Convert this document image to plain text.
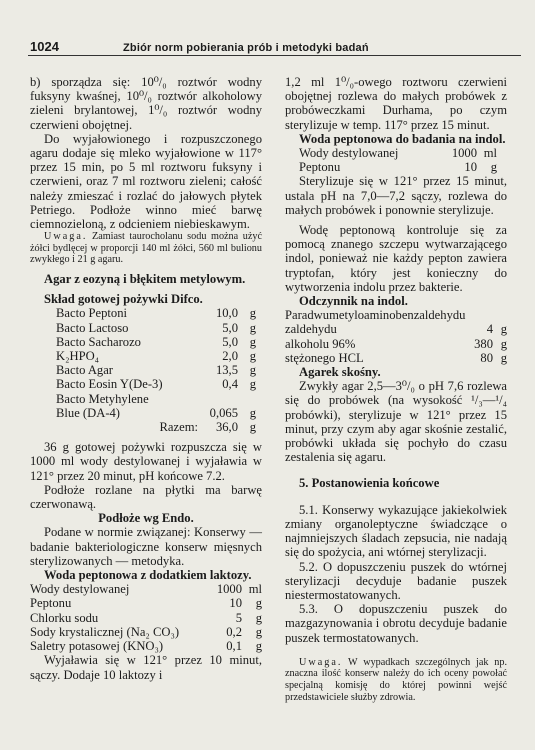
1024	Zbiór norm pobierania prób i metodyki badań

b) sporządza się: 10⁰/₀ roztwór wodny fuksyny kwaśnej, 10⁰/₀ roztwór alkoholowy zieleni brylantowej, 1⁰/₀ roztwór wodny czerwieni obojętnej.

Do wyjałowionego i rozpuszczonego agaru dodaje się mleko wyjałowione w 117° przez 15 min, po 5 ml roztworu fuksyny i czerwieni, oraz 7 ml roztworu zieleni; całość należy zmieszać i rozlać do jałowych płytek Petriego. Podłoże winno mieć barwę ciemnozieloną, z odcieniem niebieskawym.

Uwaga. Zamiast taurocholanu sodu można użyć żółci bydlęcej w proporcji 140 ml żółci, 560 ml bulionu zwykłego i 21 g agaru.

Agar z eozyną i błękitem metylowym.

Skład gotowej pożywki Difco.

Bacto Peptoni	10,0 g
Bacto Lactoso	5,0 g
Bacto Sacharozo	5,0 g
K₂HPO₄	2,0 g
Bacto Agar	13,5 g
Bacto Eosin Y(De-3)	0,4 g
Bacto Metyhylene
Blue (DA-4)	0,065 g
Razem:	36,0 g

36 g gotowej pożywki rozpuszcza się w 1000 ml wody destylowanej i wyjaławia w 121° przez 20 minut, pH końcowe 7.2.

Podłoże rozlane na płytki ma barwę czerwonawą.

Podłoże wg Endo.

Podane w normie związanej: Konserwy — badanie bakteriologiczne konserw mięsnych sterylizowanych — metodyka.

Woda peptonowa z dodatkiem laktozy.

Wody destylowanej	1000 ml
Peptonu	10	g
Chlorku sodu	5	g
Sody krystalicznej (Na₂ CO₃)	0,2	g
Saletry potasowej (KNO₃)	0,1	g

Wyjaławia się w 121° przez 10 minut, sączy. Dodaje 10 laktozy i

1,2 ml 1⁰/₀-owego roztworu czerwieni obojętnej rozlewa do małych probówek z probóweczkami Durhama, po czym sterylizuje w temp. 117° przez 15 minut.

Woda peptonowa do badania na indol.

Wody destylowanej	1000 ml
Peptonu	10	g

Sterylizuje się w 121° przez 15 minut, ustala pH na 7,0—7,2 sączy, rozlewa do małych probówek i ponownie sterylizuje.

Wodę peptonową kontroluje się za pomocą znanego szczepu wytwarzającego indol, ponieważ nie każdy pepton zawiera tryptofan, który jest konieczny do wytworzenia indolu przez bakterie.

Odczynnik na indol.

Paradwumetyloaminobenzaldehydu

zaldehydu	4 g
alkoholu 96%	380 g
stężonego HCL	80 g

Agarek skośny.

Zwykły agar 2,5—3⁰/₀ o pH 7,6 rozlewa się do probówek (na wysokość ¹/₃—¹/₄ probówki), sterylizuje w 121° przez 15 minut, przy czym aby agar skośnie zestalić, probówki układa się pochyło do czasu zestalenia się agaru.

5. Postanowienia końcowe

5.1. Konserwy wykazujące jakiekolwiek zmiany organoleptyczne świadczące o najmniejszych śladach zepsucia, nie nadają się do spożycia, ani wtórnej sterylizacji.

5.2. O dopuszczeniu puszek do wtórnej sterylizacji decyduje badanie puszek niestermostatowanych.

5.3. O dopuszczeniu puszek do mazgazynowania i obrotu decyduje badanie puszek termostatowanych.

Uwaga. W wypadkach szczególnych jak np. znaczna ilość konserw należy do ich oceny powołać specjalną komisję do której powinni wejść przedstawiciele służby zdrowia.
